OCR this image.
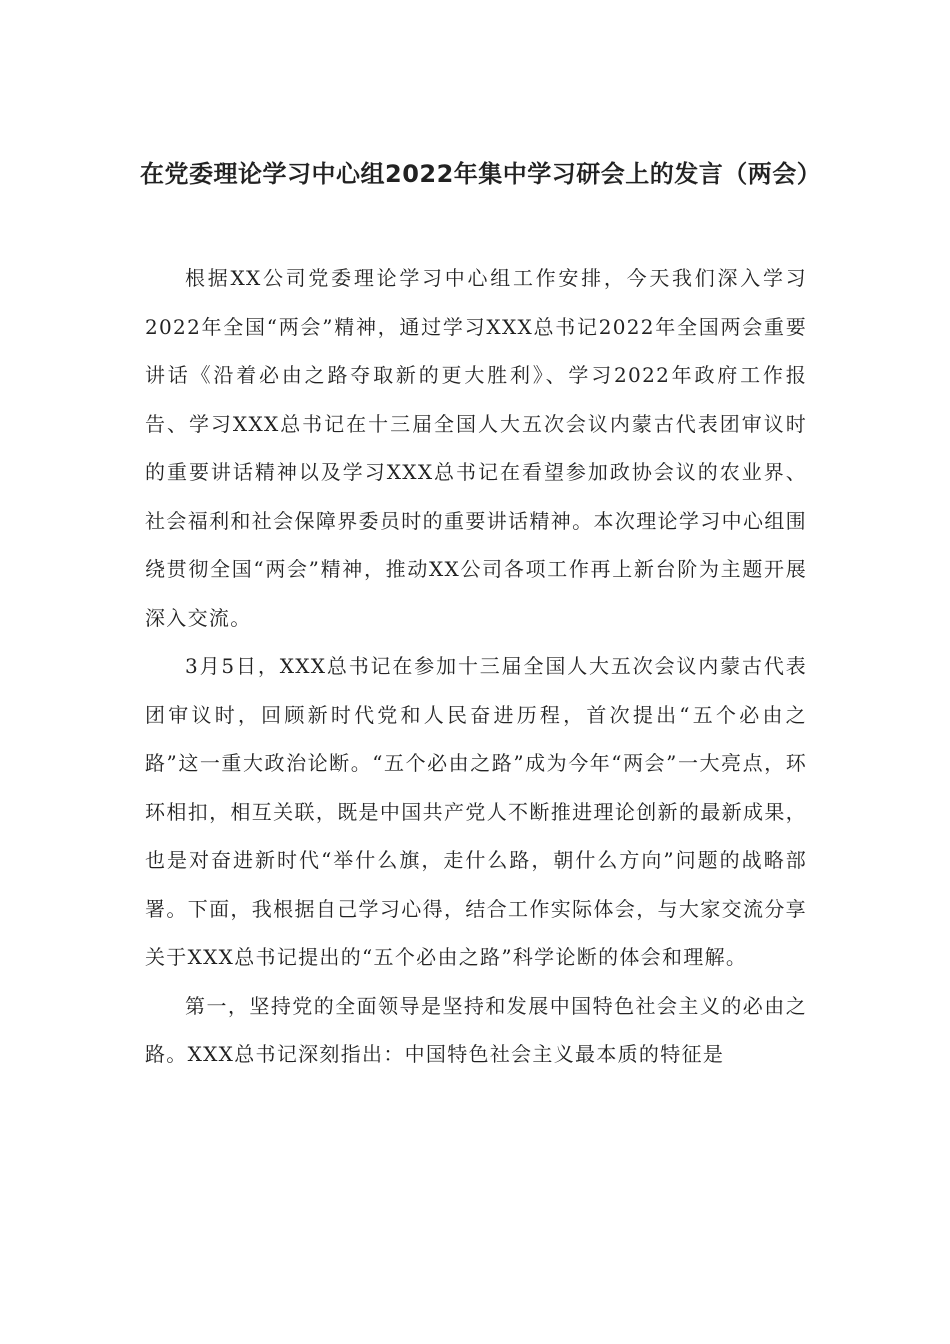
在党委理论学习中心组2022年集中学习研会上的发言（两会）

根据XX公司党委理论学习中心组工作安排，今天我们深入学习2022年全国“两会”精神，通过学习XXX总书记2022年全国两会重要讲话《沿着必由之路夺取新的更大胜利》、学习2022年政府工作报告、学习XXX总书记在十三届全国人大五次会议内蒙古代表团审议时的重要讲话精神以及学习XXX总书记在看望参加政协会议的农业界、社会福利和社会保障界委员时的重要讲话精神。本次理论学习中心组围绕贯彻全国“两会”精神，推动XX公司各项工作再上新台阶为主题开展深入交流。

3月5日，XXX总书记在参加十三届全国人大五次会议内蒙古代表团审议时，回顾新时代党和人民奋进历程，首次提出“五个必由之路”这一重大政治论断。“五个必由之路”成为今年“两会”一大亮点，环环相扣，相互关联，既是中国共产党人不断推进理论创新的最新成果，也是对奋进新时代“举什么旗，走什么路，朝什么方向”问题的战略部署。下面，我根据自己学习心得，结合工作实际体会，与大家交流分享关于XXX总书记提出的“五个必由之路”科学论断的体会和理解。

第一，坚持党的全面领导是坚持和发展中国特色社会主义的必由之路。XXX总书记深刻指出：中国特色社会主义最本质的特征是
